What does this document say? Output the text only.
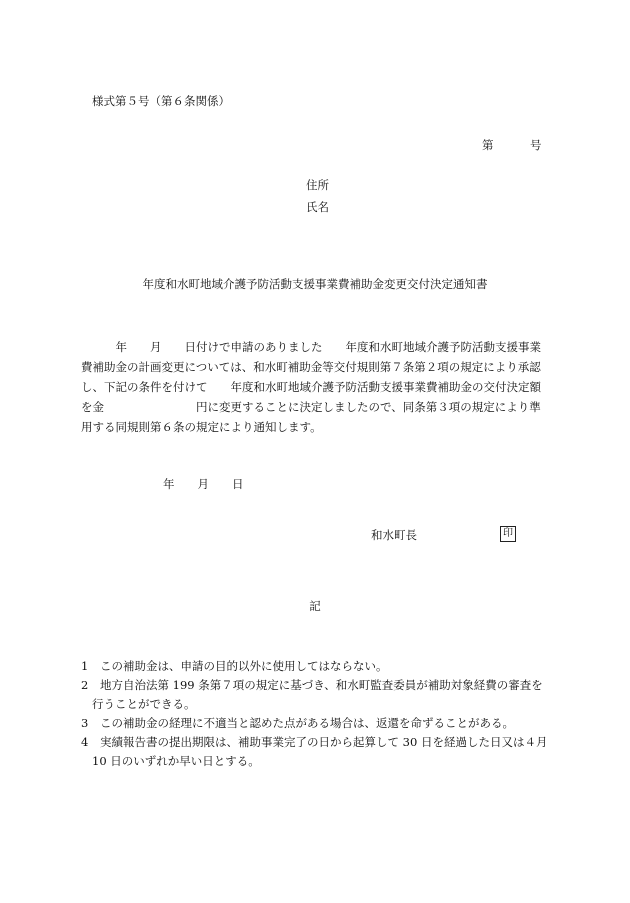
様式第５号（第６条関係）
第	号
住所
氏名
年度和水町地域介護予防活動支援事業費補助金変更交付決定通知書

　　　年　　月　　日付けで申請のありました　　年度和水町地域介護予防活動支援事業

費補助金の計画変更については、和水町補助金等交付規則第７条第２項の規定により承認

し、下記の条件を付けて　　年度和水町地域介護予防活動支援事業費補助金の交付決定額

を金　　　　　　　　円に変更することに決定しましたので、同条第３項の規定により準

用する同規則第６条の規定により通知します。

年　　月　　日
和水町長	印
記
1 この補助金は、申請の目的以外に使用してはならない。
2 地方自治法第 199 条第７項の規定に基づき、和水町監査委員が補助対象経費の審査を
行うことができる。
3 この補助金の経理に不適当と認めた点がある場合は、返還を命ずることがある。
4 実績報告書の提出期限は、補助事業完了の日から起算して 30 日を経過した日又は４月
10 日のいずれか早い日とする。
